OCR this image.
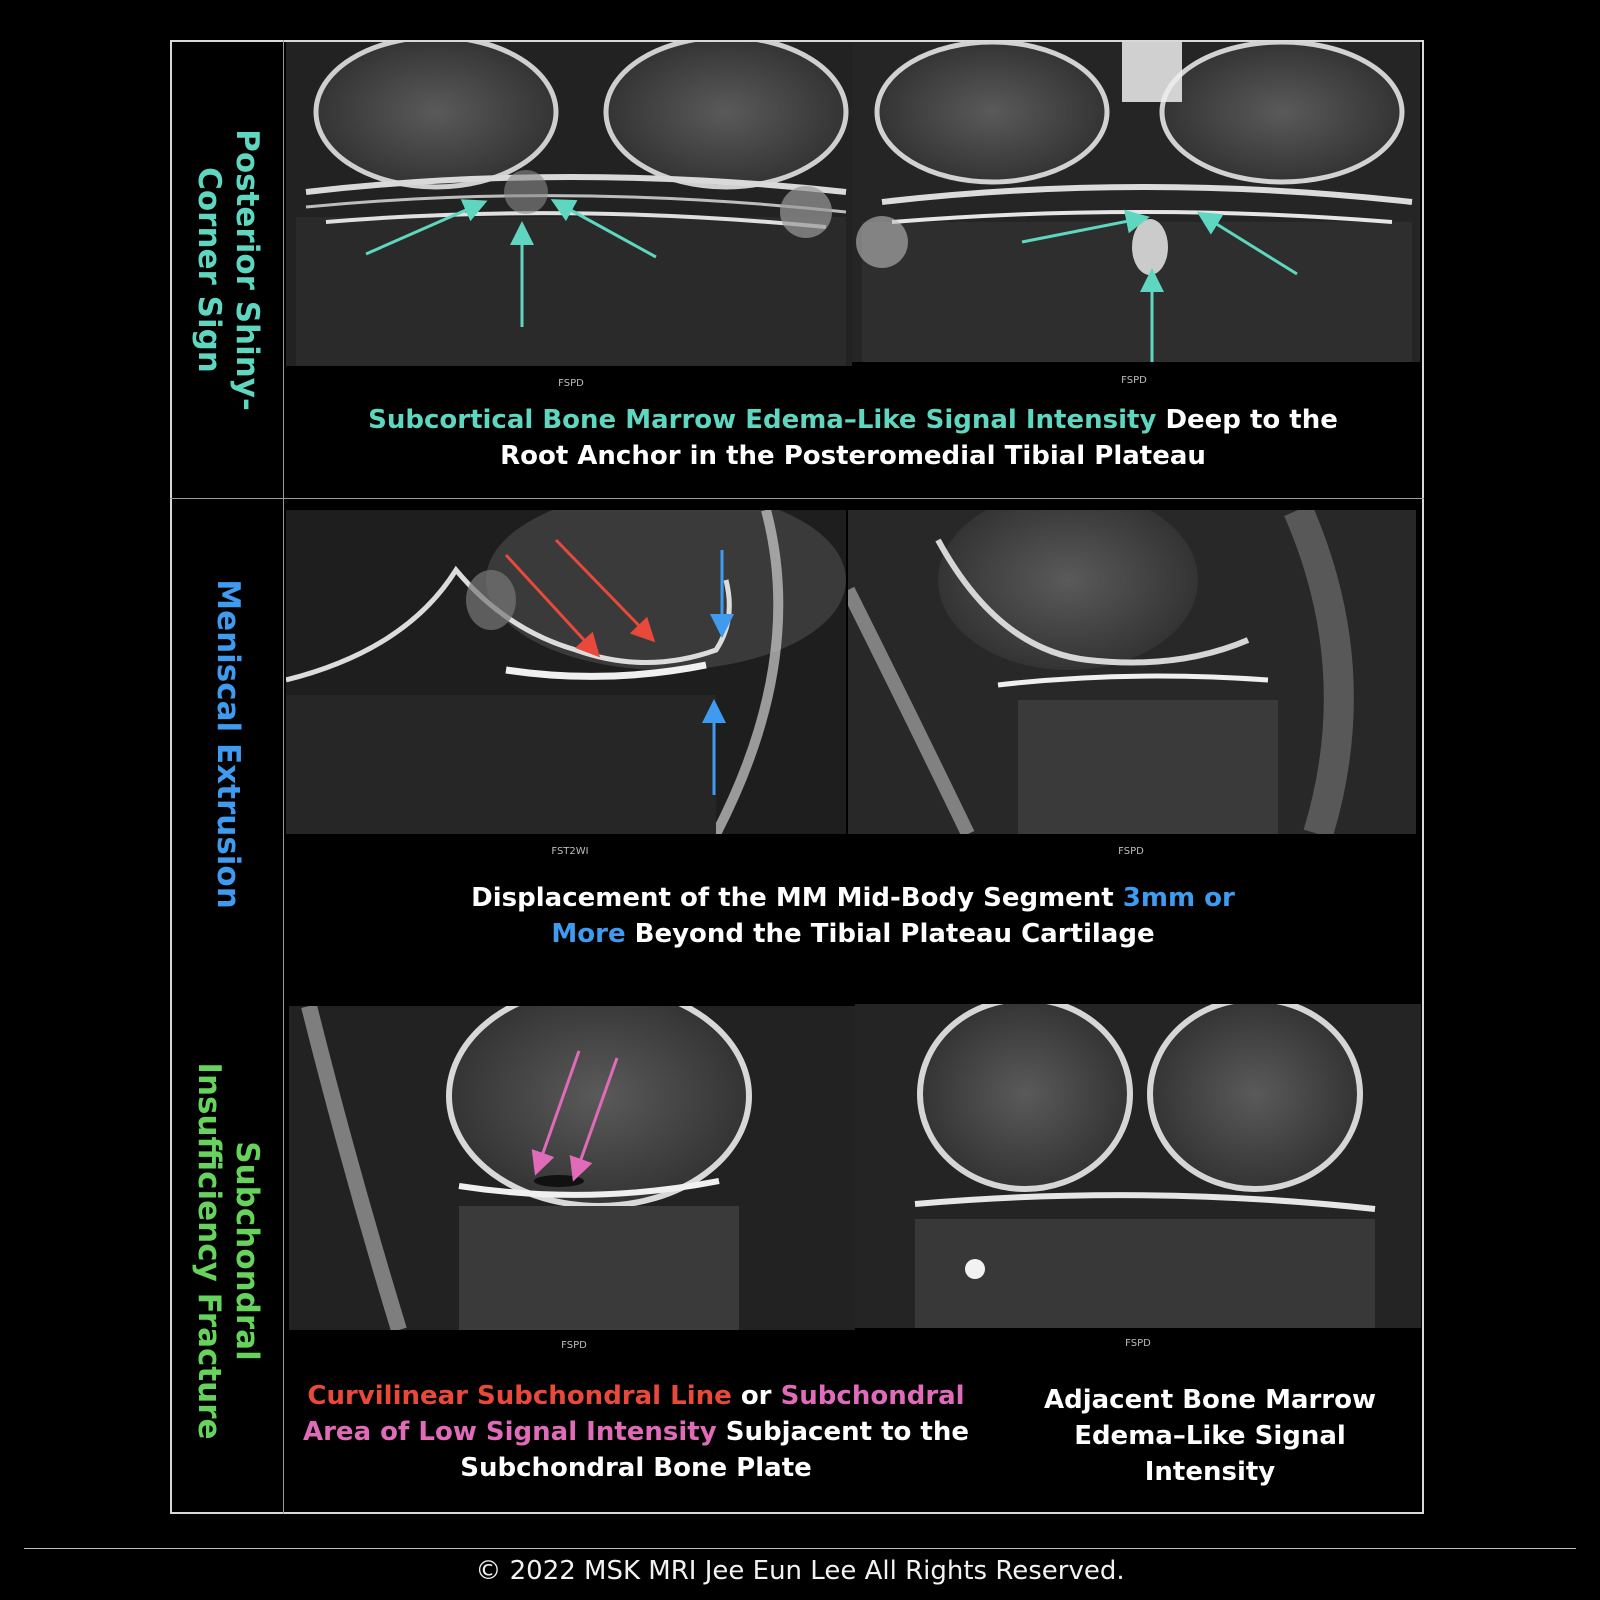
Posterior Shiny-
Corner Sign
Meniscal Extrusion
Subchondral
Insufficiency Fracture
FSPD	FSPD
Subcortical Bone Marrow Edema–Like Signal Intensity Deep to the
Root Anchor in the Posteromedial Tibial Plateau
FST2WI	FSPD
Displacement of the MM Mid-Body Segment 3mm or
More Beyond the Tibial Plateau Cartilage
FSPD	FSPD
Curvilinear Subchondral Line or Subchondral
Area of Low Signal Intensity Subjacent to the
Subchondral Bone Plate
Adjacent Bone Marrow
Edema–Like Signal
Intensity
© 2022 MSK MRI Jee Eun Lee All Rights Reserved.
